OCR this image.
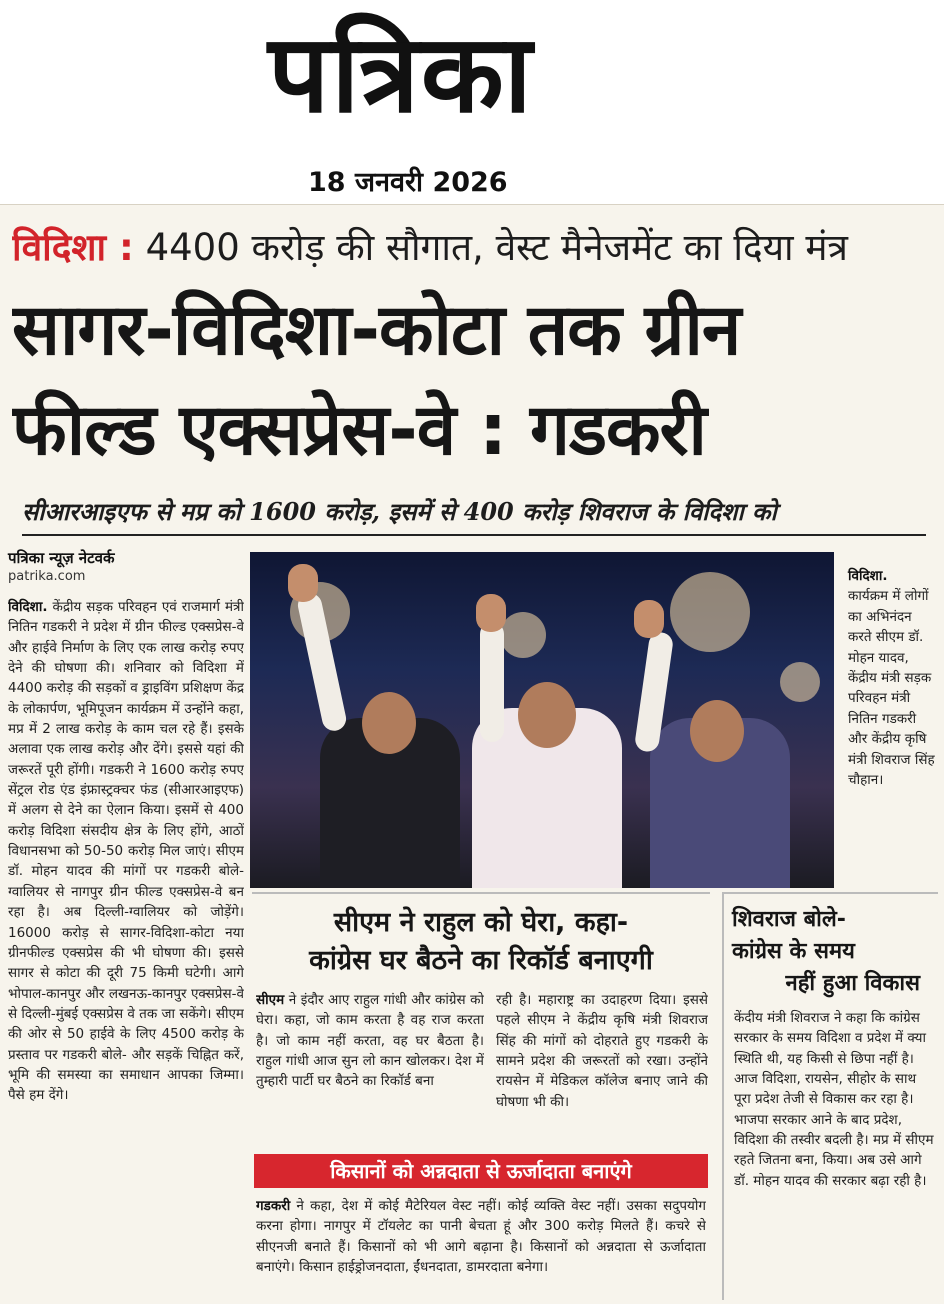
पत्रिका
18 जनवरी 2026
विदिशा : 4400 करोड़ की सौगात, वेस्ट मैनेजमेंट का दिया मंत्र
सागर-विदिशा-कोटा तक ग्रीन
फील्ड एक्सप्रेस-वे : गडकरी
सीआरआइएफ से मप्र को 1600 करोड़, इसमें से 400 करोड़ शिवराज के विदिशा को
पत्रिका न्यूज़ नेटवर्क
patrika.com
विदिशा. केंद्रीय सड़क परिवहन एवं राजमार्ग मंत्री नितिन गडकरी ने प्रदेश में ग्रीन फील्ड एक्सप्रेस-वे और हाईवे निर्माण के लिए एक लाख करोड़ रुपए देने की घोषणा की। शनिवार को विदिशा में 4400 करोड़ की सड़कों व ड्राइविंग प्रशिक्षण केंद्र के लोकार्पण, भूमिपूजन कार्यक्रम में उन्होंने कहा, मप्र में 2 लाख करोड़ के काम चल रहे हैं। इसके अलावा एक लाख करोड़ और देंगे। इससे यहां की जरूरतें पूरी होंगी। गडकरी ने 1600 करोड़ रुपए सेंट्रल रोड एंड इंफ्रास्ट्रक्चर फंड (सीआरआइएफ) में अलग से देने का ऐलान किया। इसमें से 400 करोड़ विदिशा संसदीय क्षेत्र के लिए होंगे, आठों विधानसभा को 50-50 करोड़ मिल जाएं। सीएम डॉ. मोहन यादव की मांगों पर गडकरी बोले-ग्वालियर से नागपुर ग्रीन फील्ड एक्सप्रेस-वे बन रहा है। अब दिल्ली-ग्वालियर को जोड़ेंगे। 16000 करोड़ से सागर-विदिशा-कोटा नया ग्रीनफील्ड एक्सप्रेस की भी घोषणा की। इससे सागर से कोटा की दूरी 75 किमी घटेगी। आगे भोपाल-कानपुर और लखनऊ-कानपुर एक्सप्रेस-वे से दिल्ली-मुंबई एक्सप्रेस वे तक जा सकेंगे। सीएम की ओर से 50 हाईवे के लिए 4500 करोड़ के प्रस्ताव पर गडकरी बोले- और सड़कें चिह्नित करें, भूमि की समस्या का समाधान आपका जिम्मा। पैसे हम देंगे।
विदिशा.
कार्यक्रम में लोगों का अभिनंदन करते सीएम डॉ. मोहन यादव, केंद्रीय मंत्री सड़क परिवहन मंत्री नितिन गडकरी और केंद्रीय कृषि मंत्री शिवराज सिंह चौहान।
सीएम ने राहुल को घेरा, कहा-
कांग्रेस घर बैठने का रिकॉर्ड बनाएगी
सीएम ने इंदौर आए राहुल गांधी और कांग्रेस को घेरा। कहा, जो काम करता है वह राज करता है। जो काम नहीं करता, वह घर बैठता है। राहुल गांधी आज सुन लो कान खोलकर। देश में तुम्हारी पार्टी घर बैठने का रिकॉर्ड बना
रही है। महाराष्ट्र का उदाहरण दिया। इससे पहले सीएम ने केंद्रीय कृषि मंत्री शिवराज सिंह की मांगों को दोहराते हुए गडकरी के सामने प्रदेश की जरूरतों को रखा। उन्होंने रायसेन में मेडिकल कॉलेज बनाए जाने की घोषणा भी की।
किसानों को अन्नदाता से ऊर्जादाता बनाएंगे
गडकरी ने कहा, देश में कोई मैटेरियल वेस्ट नहीं। कोई व्यक्ति वेस्ट नहीं। उसका सदुपयोग करना होगा। नागपुर में टॉयलेट का पानी बेचता हूं और 300 करोड़ मिलते हैं। कचरे से सीएनजी बनाते हैं। किसानों को भी आगे बढ़ाना है। किसानों को अन्नदाता से ऊर्जादाता बनाएंगे। किसान हाईड्रोजनदाता, ईंधनदाता, डामरदाता बनेगा।
शिवराज बोले-
कांग्रेस के समय
नहीं हुआ विकास
केंदीय मंत्री शिवराज ने कहा कि कांग्रेस सरकार के समय विदिशा व प्रदेश में क्या स्थिति थी, यह किसी से छिपा नहीं है। आज विदिशा, रायसेन, सीहोर के साथ पूरा प्रदेश तेजी से विकास कर रहा है। भाजपा सरकार आने के बाद प्रदेश, विदिशा की तस्वीर बदली है। मप्र में सीएम रहते जितना बना, किया। अब उसे आगे डॉ. मोहन यादव की सरकार बढ़ा रही है।
